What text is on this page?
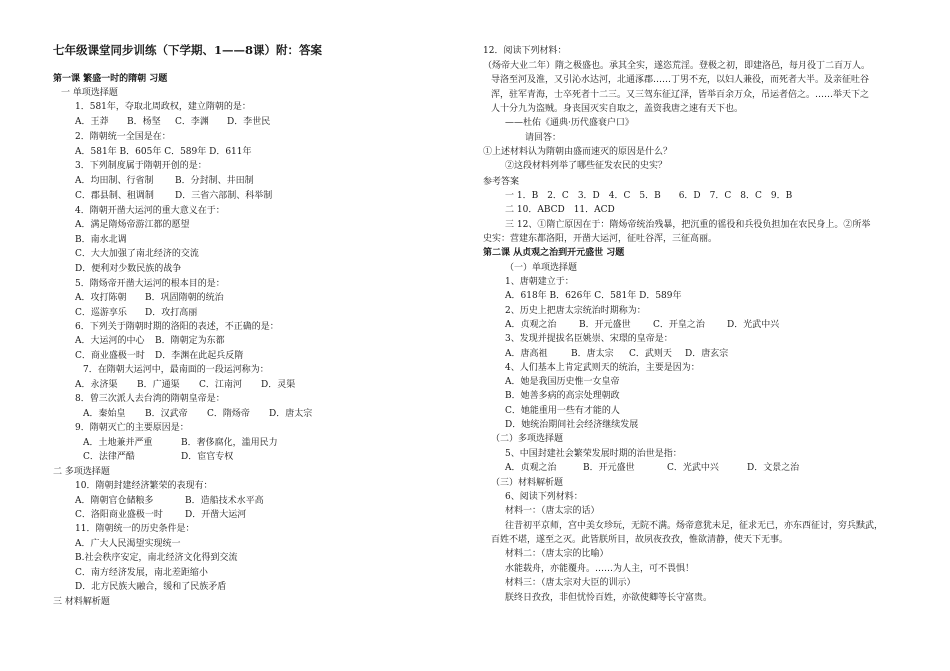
七年级课堂同步训练（下学期、1——8课）附：答案
第一课 繁盛一时的隋朝 习题
一 单项选择题
1．581年，夺取北周政权，建立隋朝的是：
A．王莽	B．杨坚	C．李渊	D．李世民
2．隋朝统一全国是在：
A．581年 B．605年 C．589年 D．611年
3．下列制度属于隋朝开创的是：
A．均田制、行省制	B．分封制、井田制
C．郡县制、租调制	D．三省六部制、科举制
4．隋朝开凿大运河的重大意义在于：
A．满足隋炀帝游江都的愿望
B．南水北调
C．大大加强了南北经济的交流
D．便利对少数民族的战争
5．隋炀帝开凿大运河的根本目的是：
A．攻打陈朝	B．巩固隋朝的统治
C．巡游享乐	D．攻打高丽
6．下列关于隋朝时期的洛阳的表述，不正确的是：
A．大运河的中心	B．隋朝定为东都
C．商业盛极一时	D．李渊在此起兵反隋
7．在隋朝大运河中，最南面的一段运河称为：
A．永济渠	B．广通渠	C．江南河	D．灵渠
8．曾三次派人去台湾的隋朝皇帝是：
A．秦始皇	B．汉武帝	C．隋炀帝	D．唐太宗
9．隋朝灭亡的主要原因是：
A．土地兼并严重	B．奢侈腐化，滥用民力
C．法律严酷	D．宦官专权
二 多项选择题
10．隋朝封建经济繁荣的表现有：
A．隋朝官仓储粮多	B．造船技术水平高
C．洛阳商业盛极一时	D．开凿大运河
11．隋朝统一的历史条件是：
A．广大人民渴望实现统一
B.社会秩序安定，南北经济文化得到交流
C．南方经济发展，南北差距缩小
D．北方民族大融合，缓和了民族矛盾
三 材料解析题
12．阅读下列材料：
（炀帝大业二年）隋之极盛也。承其全实，遂恣荒淫。登极之初，即建洛邑，每月役丁二百万人。
导洛至河及淮，又引沁水达河，北通涿郡……丁男不充，以妇人兼役，而死者大半。及亲征吐谷
浑，驻军青海，士卒死者十二三。又三驾东征辽泽，皆举百余万众，吊运者倍之。……举天下之
人十分九为盗贼。身丧国灭实自取之，盖资我唐之速有天下也。
——杜佑《通典·历代盛衰户口》
请回答：
①上述材料认为隋朝由盛而速灭的原因是什么？
②这段材料列举了哪些征发农民的史实？
参考答案
一 1．B　2．C　3．D　4．C　5．B　　6．D　7．C　8．C　9．B
二 10．ABCD　11．ACD
三 12、①隋亡原因在于：隋炀帝统治残暴，把沉重的徭役和兵役负担加在农民身上。②所举
史实：营建东都洛阳，开凿大运河，征吐谷浑，三征高丽。
第二课 从贞观之治到开元盛世 习题
（一）单项选择题
1、唐朝建立于：
A．618年 B．626年 C．581年 D．589年
2、历史上把唐太宗统治时期称为：
A．贞观之治	B．开元盛世	C．开皇之治	D．光武中兴
3、发现并提拔名臣姚崇、宋璟的皇帝是：
A．唐高祖	B．唐太宗	C．武则天	D．唐玄宗
4、人们基本上肯定武则天的统治，主要是因为：
A．她是我国历史惟一女皇帝
B．她善多病的高宗处理朝政
C．她能重用一些有才能的人
D．她统治期间社会经济继续发展
（二）多项选择题
5、中国封建社会繁荣发展时期的治世是指：
A．贞观之治	B．开元盛世	C．光武中兴	D．文景之治
（三）材料解析题
6、阅读下列材料：
材料一：（唐太宗的话）
往昔初平京师，宫中美女珍玩，无院不满。炀帝意犹未足，征求无已，亦东西征讨，穷兵黩武，
百姓不堪，遂至之灭。此皆朕所目，故夙夜孜孜，惟欲清静，使天下无事。
材料二：（唐太宗的比喻）
水能载舟，亦能覆舟。……为人主，可不畏惧！
材料三：（唐太宗对大臣的训示）
朕终日孜孜，非但忧怜百姓，亦欲使卿等长守富贵。
